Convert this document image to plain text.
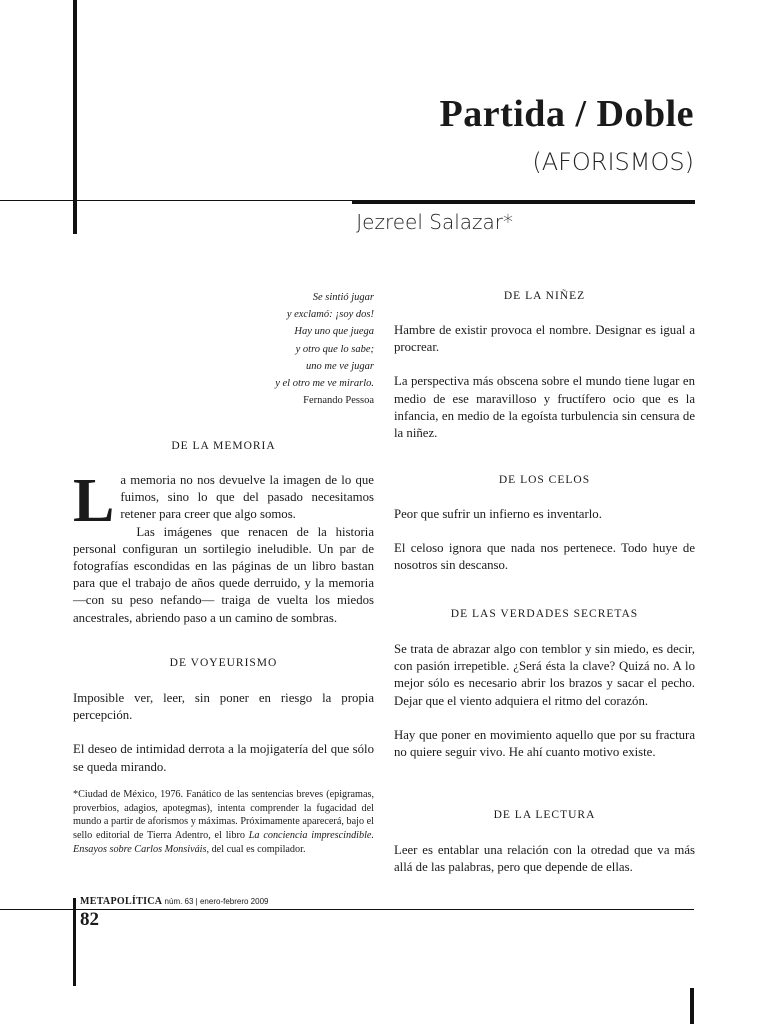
Partida / Doble
(AFORISMOS)
Jezreel Salazar*
Se sintió jugar
y exclamó: ¡soy dos!
Hay uno que juega
y otro que lo sabe;
uno me ve jugar
y el otro me ve mirarlo.
Fernando Pessoa
DE LA MEMORIA
L a memoria no nos devuelve la imagen de lo que fuimos, sino lo que del pasado necesitamos retener para creer que algo somos.

Las imágenes que renacen de la historia personal configuran un sortilegio ineludible. Un par de fotografías escondidas en las páginas de un libro bastan para que el trabajo de años quede derruido, y la memoria —con su peso nefando— traiga de vuelta los miedos ancestrales, abriendo paso a un camino de sombras.

DE VOYEURISMO

Imposible ver, leer, sin poner en riesgo la propia percepción.

El deseo de intimidad derrota a la mojigatería del que sólo se queda mirando.

*Ciudad de México, 1976. Fanático de las sentencias breves (epigramas, proverbios, adagios, apotegmas), intenta comprender la fugacidad del mundo a partir de aforismos y máximas. Próximamente aparecerá, bajo el sello editorial de Tierra Adentro, el libro La conciencia imprescindible. Ensayos sobre Carlos Monsiváis, del cual es compilador.
DE LA NIÑEZ

Hambre de existir provoca el nombre. Designar es igual a procrear.

La perspectiva más obscena sobre el mundo tiene lugar en medio de ese maravilloso y fructífero ocio que es la infancia, en medio de la egoísta turbulencia sin censura de la niñez.

DE LOS CELOS

Peor que sufrir un infierno es inventarlo.

El celoso ignora que nada nos pertenece. Todo huye de nosotros sin descanso.

DE LAS VERDADES SECRETAS

Se trata de abrazar algo con temblor y sin miedo, es decir, con pasión irrepetible. ¿Será ésta la clave? Quizá no. A lo mejor sólo es necesario abrir los brazos y sacar el pecho. Dejar que el viento adquiera el ritmo del corazón.

Hay que poner en movimiento aquello que por su fractura no quiere seguir vivo. He ahí cuanto motivo existe.

DE LA LECTURA

Leer es entablar una relación con la otredad que va más allá de las palabras, pero que depende de ellas.

METAPOLÍTICA núm. 63 | enero-febrero 2009
82
